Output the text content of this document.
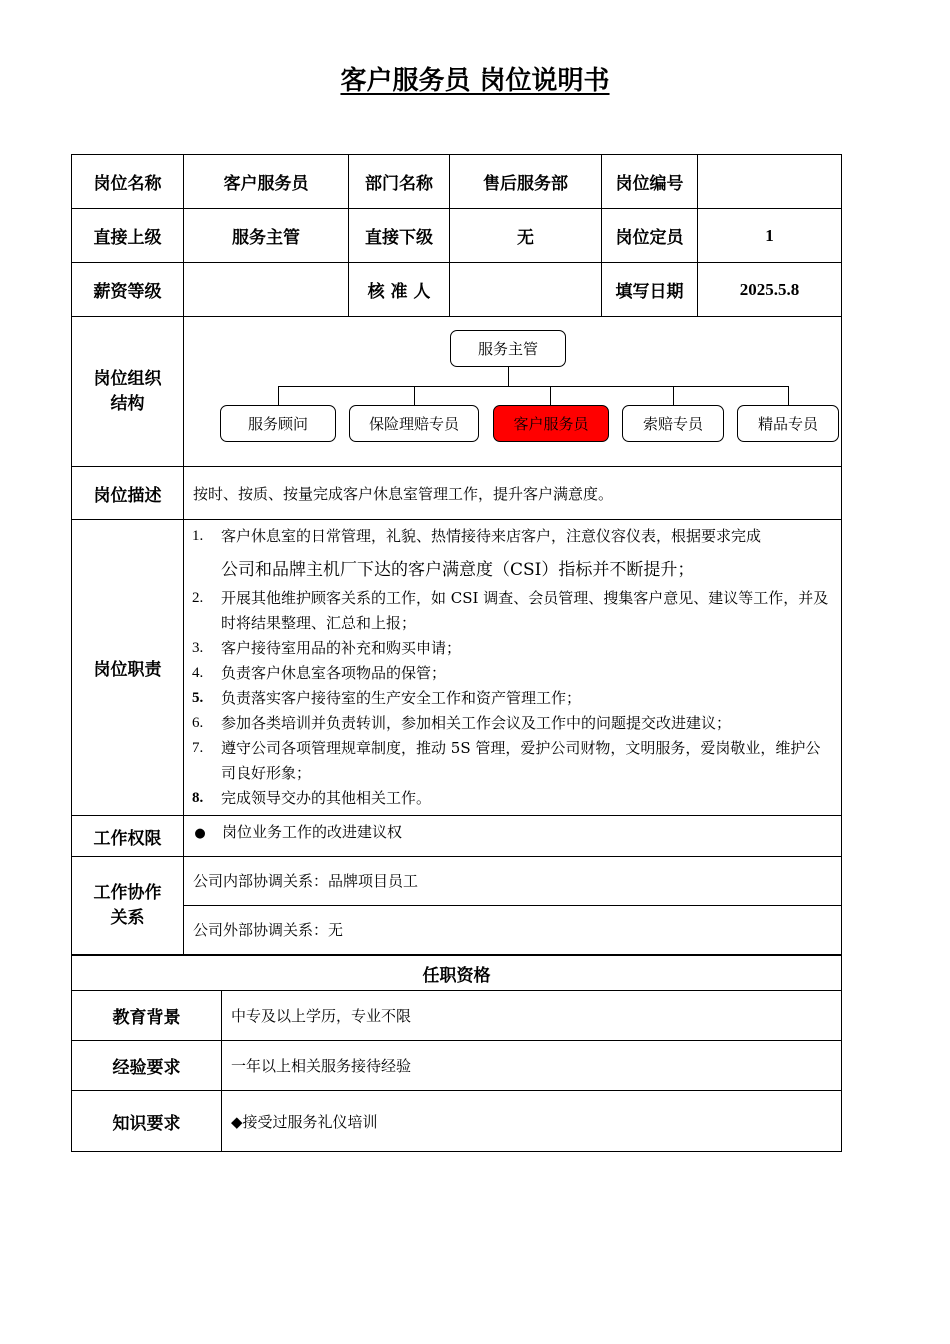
客户服务员 岗位说明书
岗位名称	客户服务员	部门名称	售后服务部	岗位编号	
直接上级	服务主管	直接下级	无	岗位定员	1
薪资等级		核 准 人		填写日期	2025.5.8
岗位组织结构	
服务主管
服务顾问	保险理赔专员	客户服务员	索赔专员	精品专员

岗位描述	按时、按质、按量完成客户休息室管理工作，提升客户满意度。
岗位职责	
1.	客户休息室的日常管理，礼貌、热情接待来店客户，注意仪容仪表，根据要求完成
公司和品牌主机厂下达的客户满意度（CSI）指标并不断提升；
2.	开展其他维护顾客关系的工作，如 CSI 调查、会员管理、搜集客户意见、建议等工作，并及时将结果整理、汇总和上报；
3.	客户接待室用品的补充和购买申请；
4.	负责客户休息室各项物品的保管；
5.	负责落实客户接待室的生产安全工作和资产管理工作；
6.	参加各类培训并负责转训，参加相关工作会议及工作中的问题提交改进建议；
7.	遵守公司各项管理规章制度，推动 5S 管理，爱护公司财物，文明服务，爱岗敬业，维护公司良好形象；
8.	完成领导交办的其他相关工作。

工作权限	● 岗位业务工作的改进建议权
工作协作关系	
公司内部协调关系：品牌项目员工
公司外部协调关系：无
任职资格	
教育背景	中专及以上学历，专业不限
经验要求	一年以上相关服务接待经验
知识要求	◆接受过服务礼仪培训
